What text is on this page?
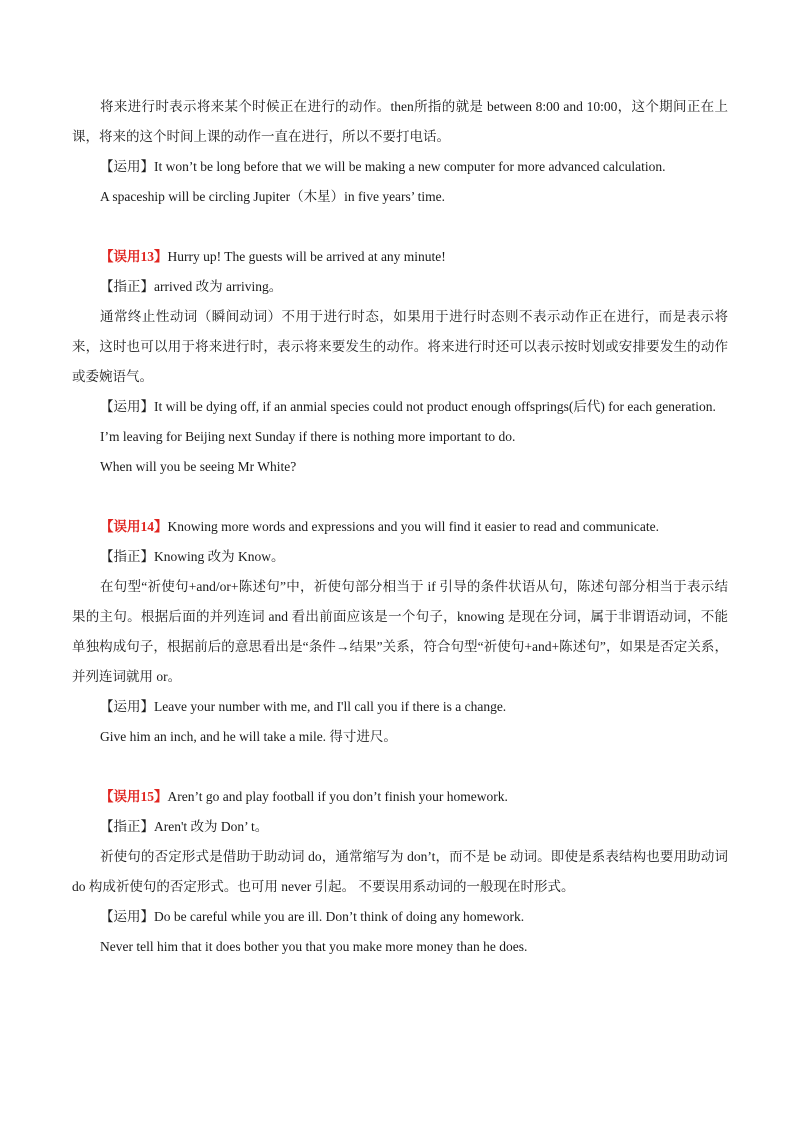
将来进行时表示将来某个时候正在进行的动作。then所指的就是 between 8:00 and 10:00，这个期间正在上课，将来的这个时间上课的动作一直在进行，所以不要打电话。

【运用】It won’t be long before that we will be making a new computer for more advanced calculation.

A spaceship will be circling Jupiter（木星）in five years’ time.

【误用13】Hurry up! The guests will be arrived at any minute!

【指正】arrived 改为 arriving。

通常终止性动词（瞬间动词）不用于进行时态，如果用于进行时态则不表示动作正在进行，而是表示将来，这时也可以用于将来进行时，表示将来要发生的动作。将来进行时还可以表示按时划或安排要发生的动作或委婉语气。

【运用】It will be dying off, if an anmial species could not product enough offsprings(后代) for each generation.

I’m leaving for Beijing next Sunday if there is nothing more important to do.

When will you be seeing Mr White?

【误用14】Knowing more words and expressions and you will find it easier to read and communicate.

【指正】Knowing 改为 Know。

在句型“祈使句+and/or+陈述句”中，祈使句部分相当于 if 引导的条件状语从句，陈述句部分相当于表示结果的主句。根据后面的并列连词 and 看出前面应该是一个句子，knowing 是现在分词，属于非谓语动词，不能单独构成句子，根据前后的意思看出是“条件→结果”关系，符合句型“祈使句+and+陈述句”，如果是否定关系，并列连词就用 or。

【运用】Leave your number with me, and I'll call you if there is a change.

Give him an inch, and he will take a mile. 得寸进尺。

【误用15】Aren’t go and play football if you don’t finish your homework.

【指正】Aren't 改为 Don’ t。

祈使句的否定形式是借助于助动词 do，通常缩写为 don’t，而不是 be 动词。即使是系表结构也要用助动词 do 构成祈使句的否定形式。也可用 never 引起。 不要误用系动词的一般现在时形式。

【运用】Do be careful while you are ill. Don’t think of doing any homework.

Never tell him that it does bother you that you make more money than he does.
